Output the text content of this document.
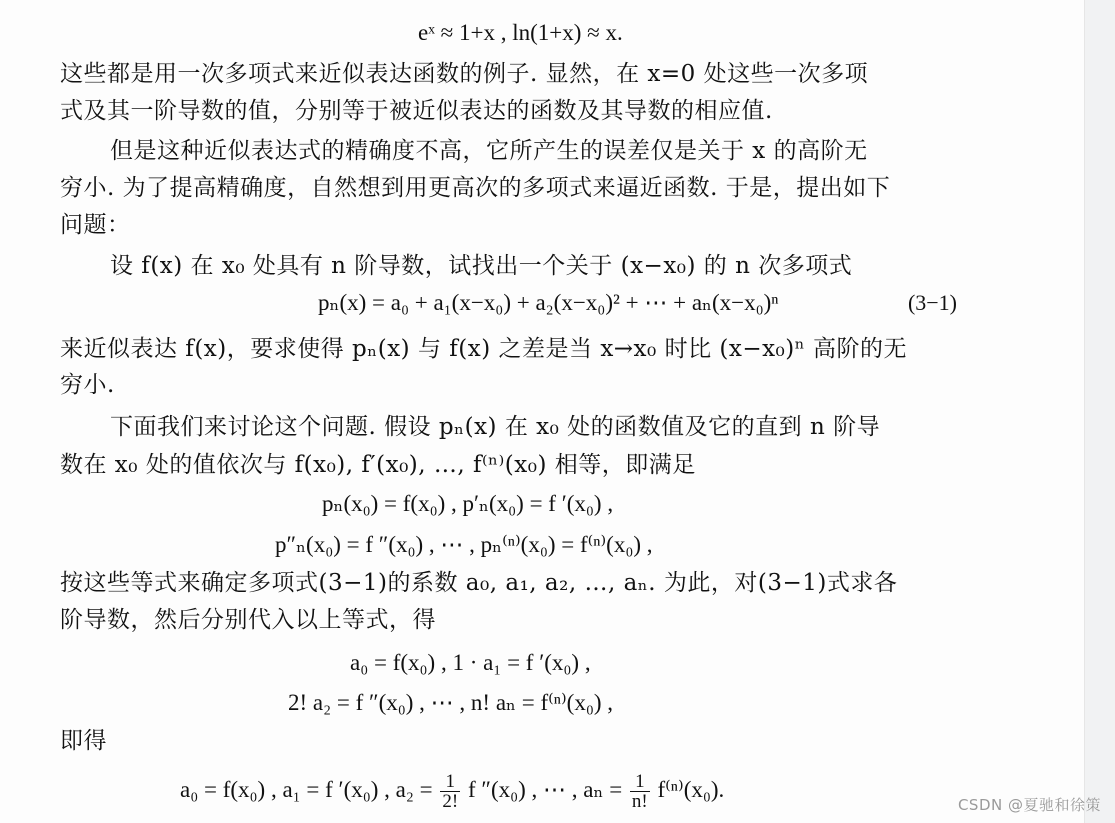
eˣ ≈ 1+x , ln(1+x) ≈ x.
这些都是用一次多项式来近似表达函数的例子. 显然，在 x=0 处这些一次多项
式及其一阶导数的值，分别等于被近似表达的函数及其导数的相应值.
但是这种近似表达式的精确度不高，它所产生的误差仅是关于 x 的高阶无
穷小. 为了提高精确度，自然想到用更高次的多项式来逼近函数. 于是，提出如下
问题：
设 f(x) 在 x₀ 处具有 n 阶导数，试找出一个关于 (x−x₀) 的 n 次多项式
pₙ(x) = a₀ + a₁(x−x₀) + a₂(x−x₀)² + ⋯ + aₙ(x−x₀)ⁿ	(3−1)
来近似表达 f(x)，要求使得 pₙ(x) 与 f(x) 之差是当 x→x₀ 时比 (x−x₀)ⁿ 高阶的无
穷小.
下面我们来讨论这个问题. 假设 pₙ(x) 在 x₀ 处的函数值及它的直到 n 阶导
数在 x₀ 处的值依次与 f(x₀), f′(x₀), …, f⁽ⁿ⁾(x₀) 相等，即满足
pₙ(x₀) = f(x₀) , p′ₙ(x₀) = f ′(x₀) ,
p″ₙ(x₀) = f ″(x₀) , ⋯ , pₙ⁽ⁿ⁾(x₀) = f⁽ⁿ⁾(x₀) ,
按这些等式来确定多项式(3−1)的系数 a₀, a₁, a₂, …, aₙ. 为此，对(3−1)式求各
阶导数，然后分别代入以上等式，得
a₀ = f(x₀) , 1 · a₁ = f ′(x₀) ,
2! a₂ = f ″(x₀) , ⋯ , n! aₙ = f⁽ⁿ⁾(x₀) ,
即得
a₀ = f(x₀) , a₁ = f ′(x₀) , $a_2 = \frac{1}{2!}$ f ″(x₀) , ⋯ , $a_n = \frac{1}{n!} f^{(n)}(x_0)$.
CSDN @夏驰和徐策
